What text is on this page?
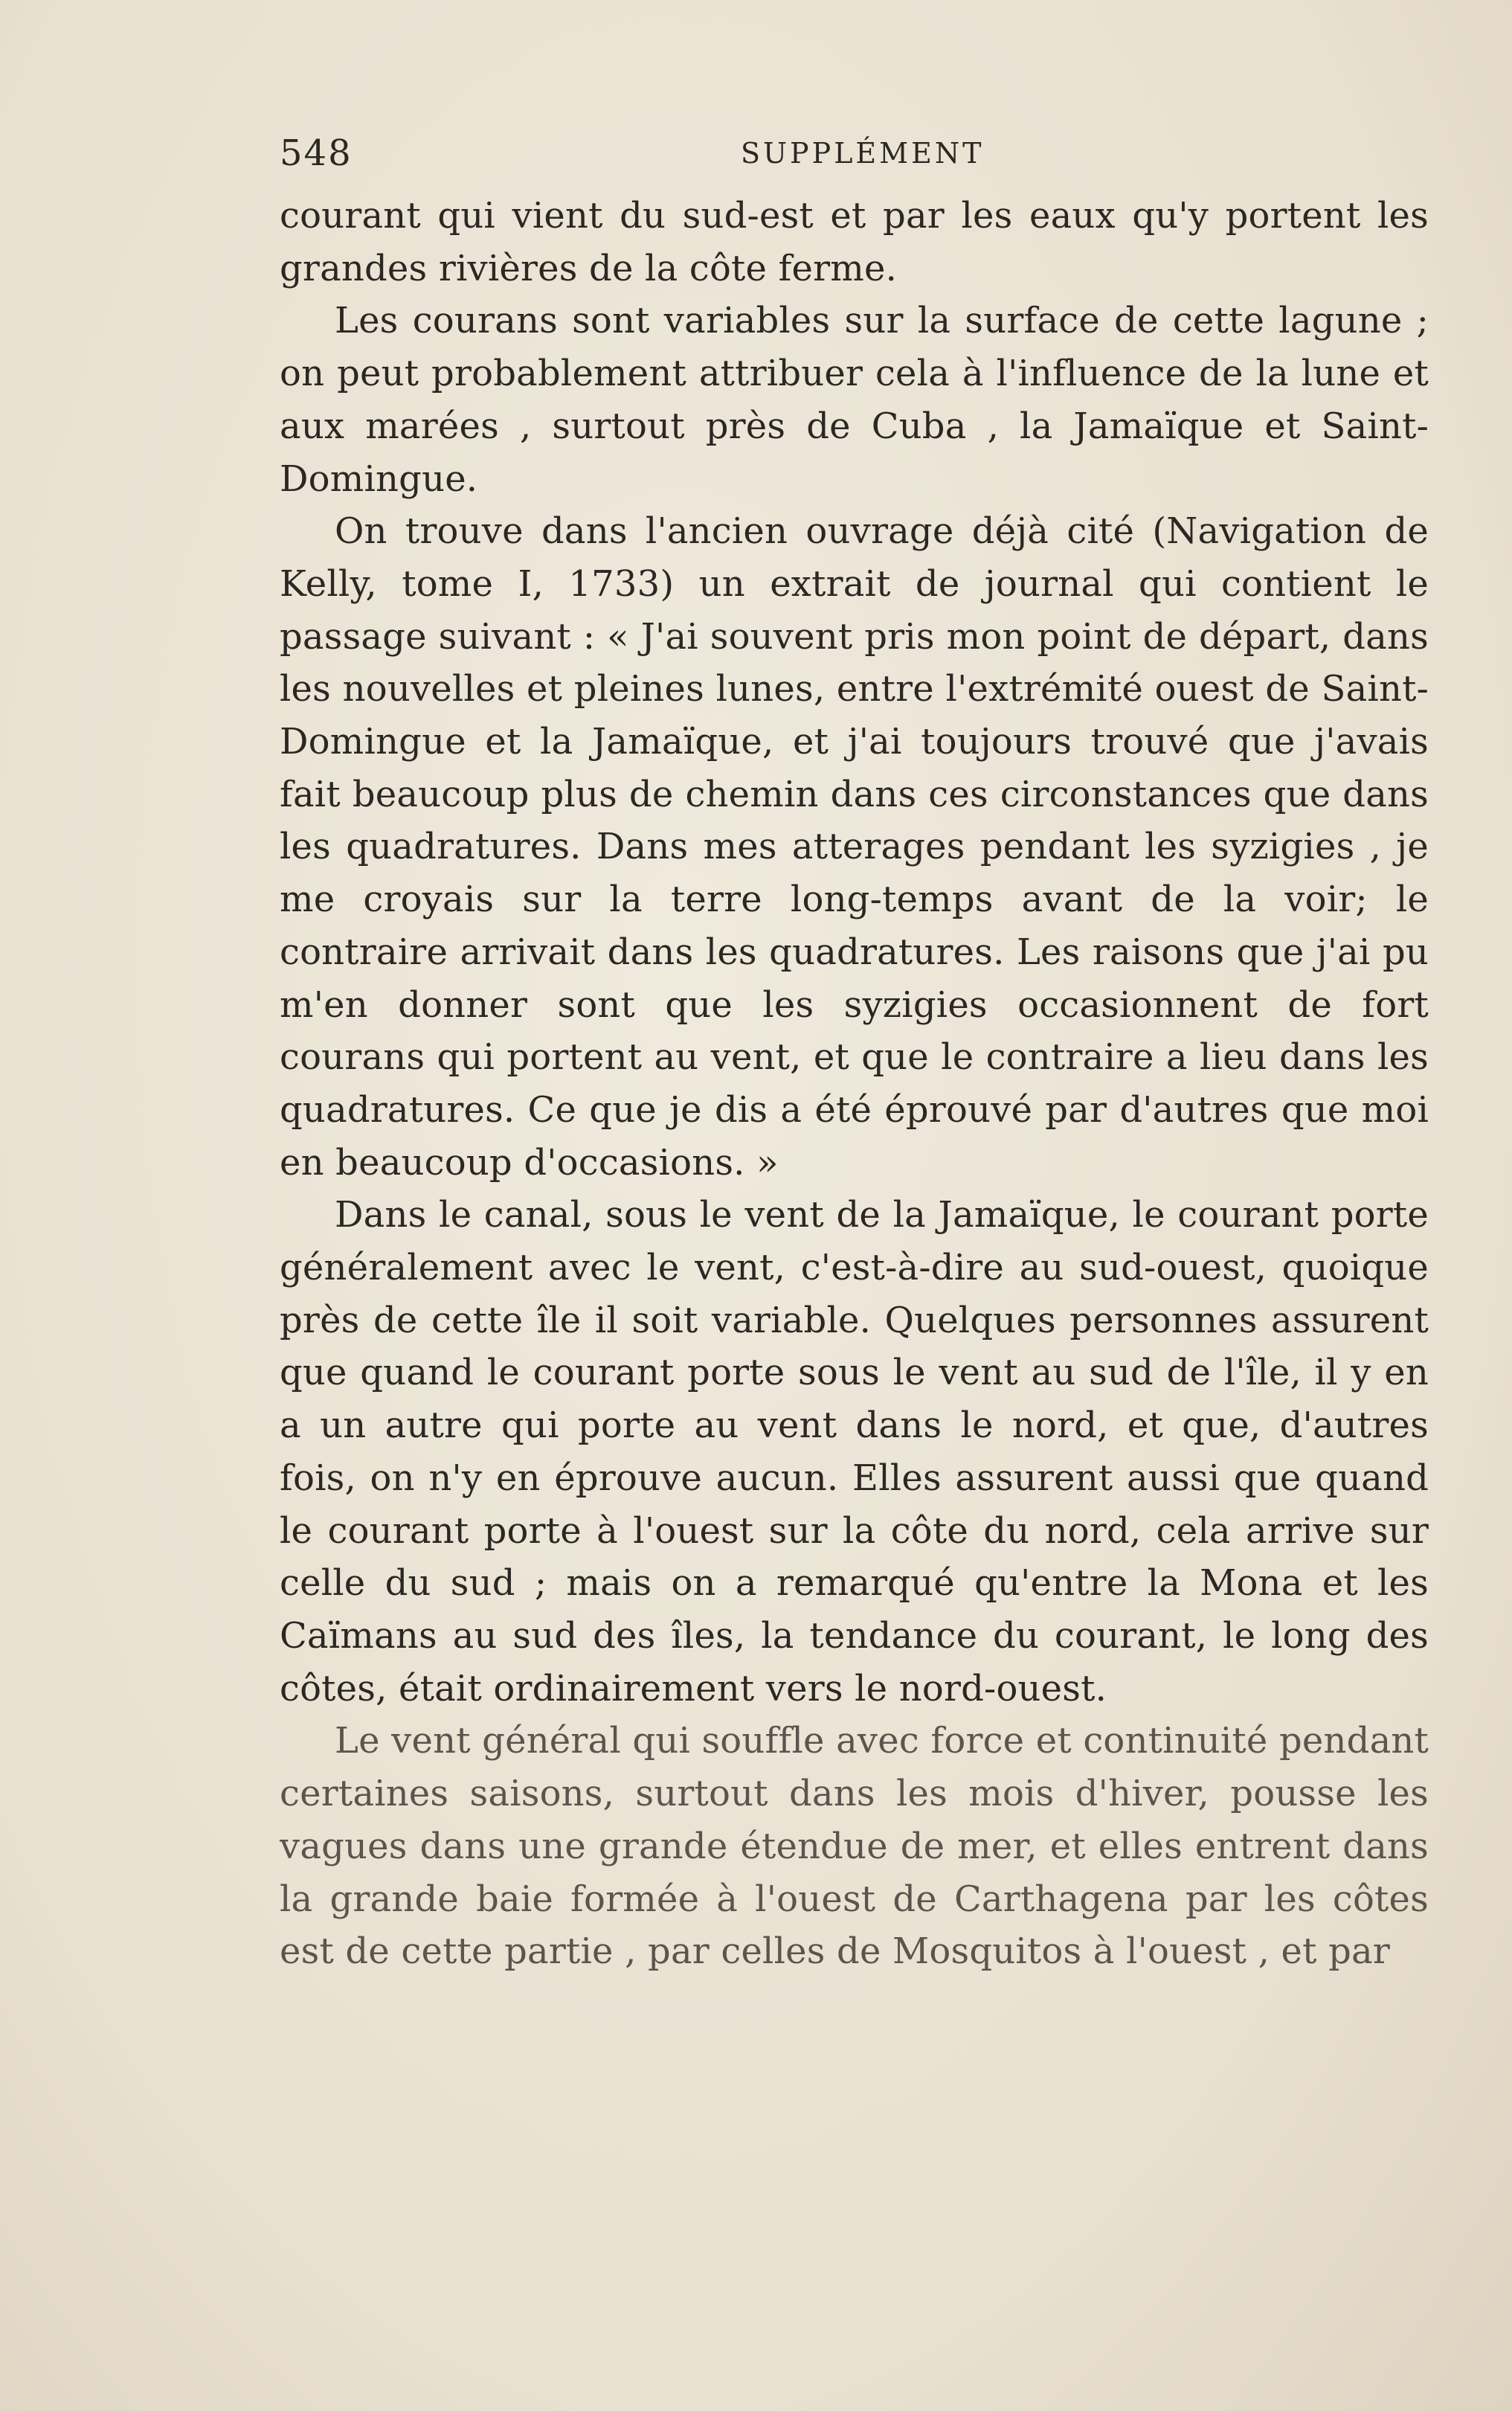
548	SUPPLÉMENT

courant qui vient du sud-est et par les eaux qu'y portent les grandes rivières de la côte ferme.

Les courans sont variables sur la surface de cette lagune ; on peut probablement attribuer cela à l'influence de la lune et aux marées , surtout près de Cuba , la Jamaïque et Saint-Domingue.

On trouve dans l'ancien ouvrage déjà cité (Navigation de Kelly, tome I, 1733) un extrait de journal qui contient le passage suivant : « J'ai souvent pris mon point de départ, dans les nouvelles et pleines lunes, entre l'extrémité ouest de Saint-Domingue et la Jamaïque, et j'ai toujours trouvé que j'avais fait beaucoup plus de chemin dans ces circonstances que dans les quadratures. Dans mes atterages pendant les syzigies , je me croyais sur la terre long-temps avant de la voir; le contraire arrivait dans les quadratures. Les raisons que j'ai pu m'en donner sont que les syzigies occasionnent de fort courans qui portent au vent, et que le contraire a lieu dans les quadratures. Ce que je dis a été éprouvé par d'autres que moi en beaucoup d'occasions. »

Dans le canal, sous le vent de la Jamaïque, le courant porte généralement avec le vent, c'est-à-dire au sud-ouest, quoique près de cette île il soit variable. Quelques personnes assurent que quand le courant porte sous le vent au sud de l'île, il y en a un autre qui porte au vent dans le nord, et que, d'autres fois, on n'y en éprouve aucun. Elles assurent aussi que quand le courant porte à l'ouest sur la côte du nord, cela arrive sur celle du sud ; mais on a remarqué qu'entre la Mona et les Caïmans au sud des îles, la tendance du courant, le long des côtes, était ordinairement vers le nord-ouest.

Le vent général qui souffle avec force et continuité pendant certaines saisons, surtout dans les mois d'hiver, pousse les vagues dans une grande étendue de mer, et elles entrent dans la grande baie formée à l'ouest de Carthagena par les côtes est de cette partie , par celles de Mosquitos à l'ouest , et par
